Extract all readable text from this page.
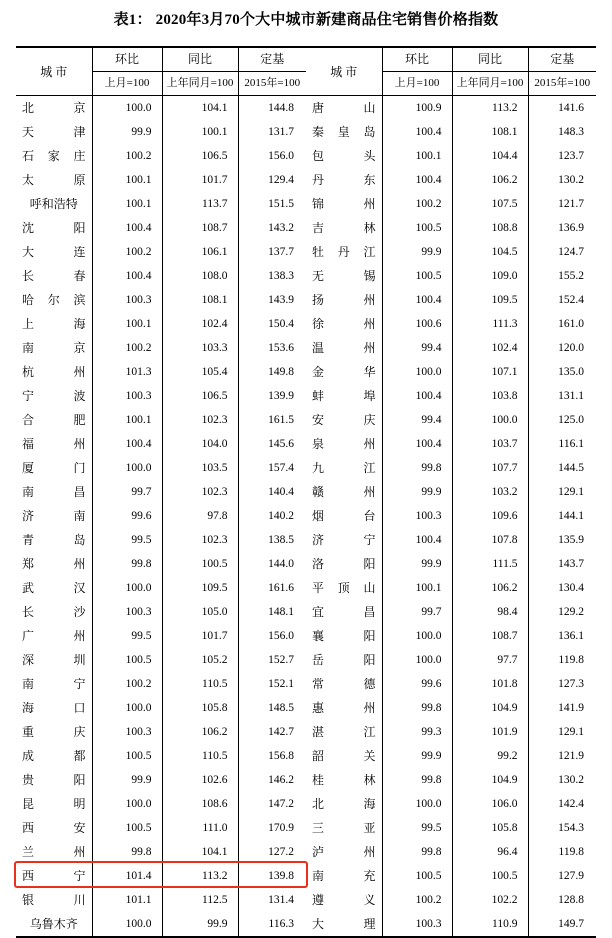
表1： 2020年3月70个大中城市新建商品住宅销售价格指数
城 市	环比	同比	定基
	上月=100	上年同月=100	2015年=100
北京	100.0	104.1	144.8
天津	99.9	100.1	131.7
石家庄	100.2	106.5	156.0
太原	100.1	101.7	129.4
呼和浩特	100.1	113.7	151.5
沈阳	100.4	108.7	143.2
大连	100.2	106.1	137.7
长春	100.4	108.0	138.3
哈尔滨	100.3	108.1	143.9
上海	100.1	102.4	150.4
南京	100.2	103.3	153.6
杭州	101.3	105.4	149.8
宁波	100.3	106.5	139.9
合肥	100.1	102.3	161.5
福州	100.4	104.0	145.6
厦门	100.0	103.5	157.4
南昌	99.7	102.3	140.4
济南	99.6	97.8	140.2
青岛	99.5	102.3	138.5
郑州	99.8	100.5	144.0
武汉	100.0	109.5	161.6
长沙	100.3	105.0	148.1
广州	99.5	101.7	156.0
深圳	100.5	105.2	152.7
南宁	100.2	110.5	152.1
海口	100.0	105.8	148.5
重庆	100.3	106.2	142.7
成都	100.5	110.5	156.8
贵阳	99.9	102.6	146.2
昆明	100.0	108.6	147.2
西安	100.5	111.0	170.9
兰州	99.8	104.1	127.2
西宁	101.4	113.2	139.8
银川	101.1	112.5	131.4
乌鲁木齐	100.0	99.9	116.3
城 市	环比	同比	定基
	上月=100	上年同月=100	2015年=100
唐山	100.9	113.2	141.6
秦皇岛	100.4	108.1	148.3
包头	100.1	104.4	123.7
丹东	100.4	106.2	130.2
锦州	100.2	107.5	121.7
吉林	100.5	108.8	136.9
牡丹江	99.9	104.5	124.7
无锡	100.5	109.0	155.2
扬州	100.4	109.5	152.4
徐州	100.6	111.3	161.0
温州	99.4	102.4	120.0
金华	100.0	107.1	135.0
蚌埠	100.4	103.8	131.1
安庆	99.4	100.0	125.0
泉州	100.4	103.7	116.1
九江	99.8	107.7	144.5
赣州	99.9	103.2	129.1
烟台	100.3	109.6	144.1
济宁	100.4	107.8	135.9
洛阳	99.9	111.5	143.7
平顶山	100.1	106.2	130.4
宜昌	99.7	98.4	129.2
襄阳	100.0	108.7	136.1
岳阳	100.0	97.7	119.8
常德	99.6	101.8	127.3
惠州	99.8	104.9	141.9
湛江	99.3	101.9	129.1
韶关	99.9	99.2	121.9
桂林	99.8	104.9	130.2
北海	100.0	106.0	142.4
三亚	99.5	105.8	154.3
泸州	99.8	96.4	119.8
南充	100.5	100.5	127.9
遵义	100.2	102.2	128.8
大理	100.3	110.9	149.7
